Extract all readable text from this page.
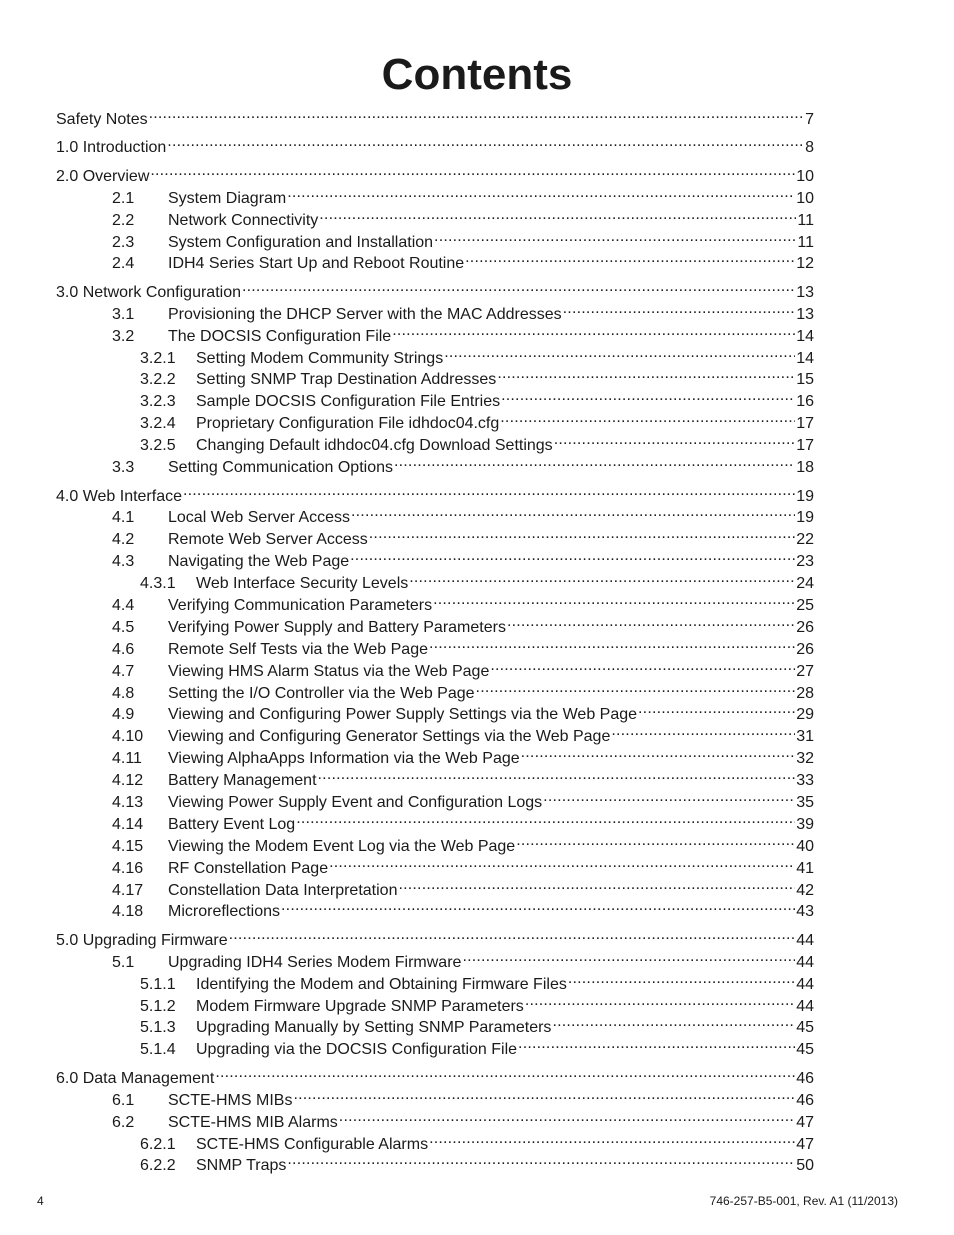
Contents
Safety Notes .....	7
1.0 Introduction .....	8
2.0 Overview .....	10
2.1	System Diagram .....	10
2.2	Network Connectivity .....	11
2.3	System Configuration and Installation .....	11
2.4	IDH4 Series Start Up and Reboot Routine .....	12
3.0 Network Configuration .....	13
3.1	Provisioning the DHCP Server with the MAC Addresses .....	13
3.2	The DOCSIS Configuration File .....	14
3.2.1	Setting Modem Community Strings .....	14
3.2.2	Setting SNMP Trap Destination Addresses .....	15
3.2.3	Sample DOCSIS Configuration File Entries .....	16
3.2.4	Proprietary Configuration File idhdoc04.cfg .....	17
3.2.5	Changing Default idhdoc04.cfg Download Settings .....	17
3.3	Setting Communication Options .....	18
4.0 Web Interface .....	19
4.1	Local Web Server Access .....	19
4.2	Remote Web Server Access .....	22
4.3	Navigating the Web Page .....	23
4.3.1	Web Interface Security Levels .....	24
4.4	Verifying Communication Parameters .....	25
4.5	Verifying Power Supply and Battery Parameters .....	26
4.6	Remote Self Tests via the Web Page .....	26
4.7	Viewing HMS Alarm Status via the Web Page .....	27
4.8	Setting the I/O Controller via the Web Page .....	28
4.9	Viewing and Configuring Power Supply Settings via the Web Page .....	29
4.10	Viewing and Configuring Generator Settings via the Web Page .....	31
4.11	Viewing AlphaApps Information via the Web Page .....	32
4.12	Battery Management .....	33
4.13	Viewing Power Supply Event and Configuration Logs .....	35
4.14	Battery Event Log .....	39
4.15	Viewing the Modem Event Log via the Web Page .....	40
4.16	RF Constellation Page .....	41
4.17	Constellation Data Interpretation .....	42
4.18	Microreflections .....	43
5.0 Upgrading Firmware .....	44
5.1	Upgrading IDH4 Series Modem Firmware .....	44
5.1.1	Identifying the Modem and Obtaining Firmware Files .....	44
5.1.2	Modem Firmware Upgrade SNMP Parameters .....	44
5.1.3	Upgrading Manually by Setting SNMP Parameters .....	45
5.1.4	Upgrading via the DOCSIS Configuration File .....	45
6.0 Data Management .....	46
6.1	SCTE-HMS MIBs .....	46
6.2	SCTE-HMS MIB Alarms .....	47
6.2.1	SCTE-HMS Configurable Alarms .....	47
6.2.2	SNMP Traps .....	50
4	746-257-B5-001, Rev. A1 (11/2013)
